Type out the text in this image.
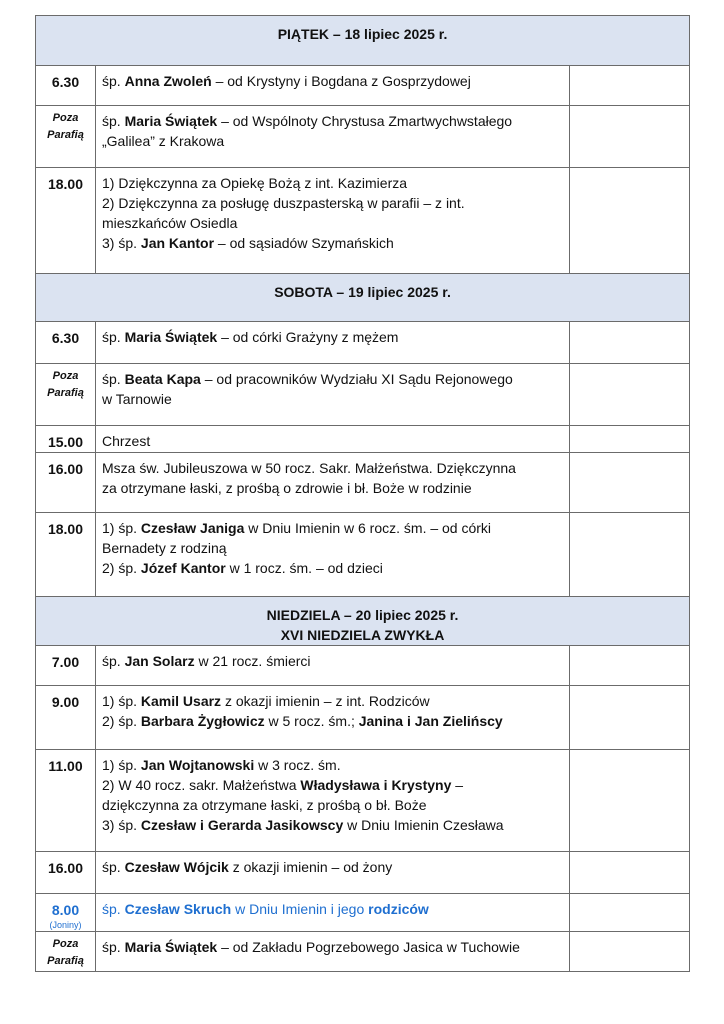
PIĄTEK – 18 lipiec 2025 r.		

6.30	śp. Anna Zwoleń – od Krystyny i Bogdana z Gosprzydowej	

Poza Parafią	śp. Maria Świątek – od Wspólnoty Chrystusa Zmartwychwstałego
„Galilea” z Krakowa	

18.00	1) Dziękczynna za Opiekę Bożą z int. Kazimierza
2) Dziękczynna za posługę duszpasterską w parafii – z int.
mieszkańców Osiedla
3) śp. Jan Kantor – od sąsiadów Szymańskich	

SOBOTA – 19 lipiec 2025 r.		

6.30	śp. Maria Świątek – od córki Grażyny z mężem	

Poza Parafią	śp. Beata Kapa – od pracowników Wydziału XI Sądu Rejonowego
w Tarnowie	

15.00	Chrzest	

16.00	Msza św. Jubileuszowa w 50 rocz. Sakr. Małżeństwa. Dziękczynna
za otrzymane łaski, z prośbą o zdrowie i bł. Boże w rodzinie	

18.00	1) śp. Czesław Janiga w Dniu Imienin w 6 rocz. śm. – od córki
Bernadety z rodziną
2) śp. Józef Kantor w 1 rocz. śm. – od dzieci	

NIEDZIELA – 20 lipiec 2025 r.
XVI NIEDZIELA ZWYKŁA		

7.00	śp. Jan Solarz w 21 rocz. śmierci	

9.00	1) śp. Kamil Usarz z okazji imienin – z int. Rodziców
2) śp. Barbara Żygłowicz w 5 rocz. śm.; Janina i Jan Zielińscy	

11.00	1) śp. Jan Wojtanowski w 3 rocz. śm.
2) W 40 rocz. sakr. Małżeństwa Władysława i Krystyny –
dziękczynna za otrzymane łaski, z prośbą o bł. Boże
3) śp. Czesław i Gerarda Jasikowscy w Dniu Imienin Czesława	

16.00	śp. Czesław Wójcik z okazji imienin – od żony	

8.00
(Joniny)	śp. Czesław Skruch w Dniu Imienin i jego rodziców	

Poza Parafią	śp. Maria Świątek – od Zakładu Pogrzebowego Jasica w Tuchowie	
